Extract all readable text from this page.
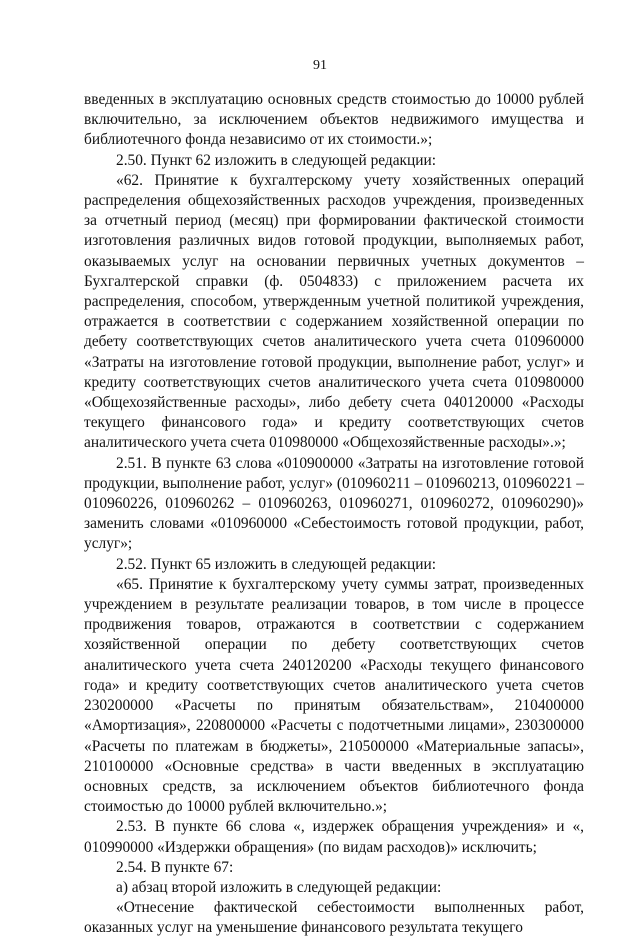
91

введенных в эксплуатацию основных средств стоимостью до 10000 рублей включительно, за исключением объектов недвижимого имущества и библиотечного фонда независимо от их стоимости.»;

2.50. Пункт 62 изложить в следующей редакции:

«62. Принятие к бухгалтерскому учету хозяйственных операций распределения общехозяйственных расходов учреждения, произведенных за отчетный период (месяц) при формировании фактической стоимости изготовления различных видов готовой продукции, выполняемых работ, оказываемых услуг на основании первичных учетных документов – Бухгалтерской справки (ф. 0504833) с приложением расчета их распределения, способом, утвержденным учетной политикой учреждения, отражается в соответствии с содержанием хозяйственной операции по дебету соответствующих счетов аналитического учета счета 010960000 «Затраты на изготовление готовой продукции, выполнение работ, услуг» и кредиту соответствующих счетов аналитического учета счета 010980000 «Общехозяйственные расходы», либо дебету счета 040120000 «Расходы текущего финансового года» и кредиту соответствующих счетов аналитического учета счета 010980000 «Общехозяйственные расходы».»;

2.51. В пункте 63 слова «010900000 «Затраты на изготовление готовой продукции, выполнение работ, услуг» (010960211 – 010960213, 010960221 – 010960226, 010960262 – 010960263, 010960271, 010960272, 010960290)» заменить словами «010960000 «Себестоимость готовой продукции, работ, услуг»;

2.52. Пункт 65 изложить в следующей редакции:

«65. Принятие к бухгалтерскому учету суммы затрат, произведенных учреждением в результате реализации товаров, в том числе в процессе продвижения товаров, отражаются в соответствии с содержанием хозяйственной операции по дебету соответствующих счетов аналитического учета счета 240120200 «Расходы текущего финансового года» и кредиту соответствующих счетов аналитического учета счетов 230200000 «Расчеты по принятым обязательствам», 210400000 «Амортизация», 220800000 «Расчеты с подотчетными лицами», 230300000 «Расчеты по платежам в бюджеты», 210500000 «Материальные запасы», 210100000 «Основные средства» в части введенных в эксплуатацию основных средств, за исключением объектов библиотечного фонда стоимостью до 10000 рублей включительно.»;

2.53. В пункте 66 слова «, издержек обращения учреждения» и «, 010990000 «Издержки обращения» (по видам расходов)» исключить;

2.54. В пункте 67:

а) абзац второй изложить в следующей редакции:

«Отнесение фактической себестоимости выполненных работ, оказанных услуг на уменьшение финансового результата текущего
